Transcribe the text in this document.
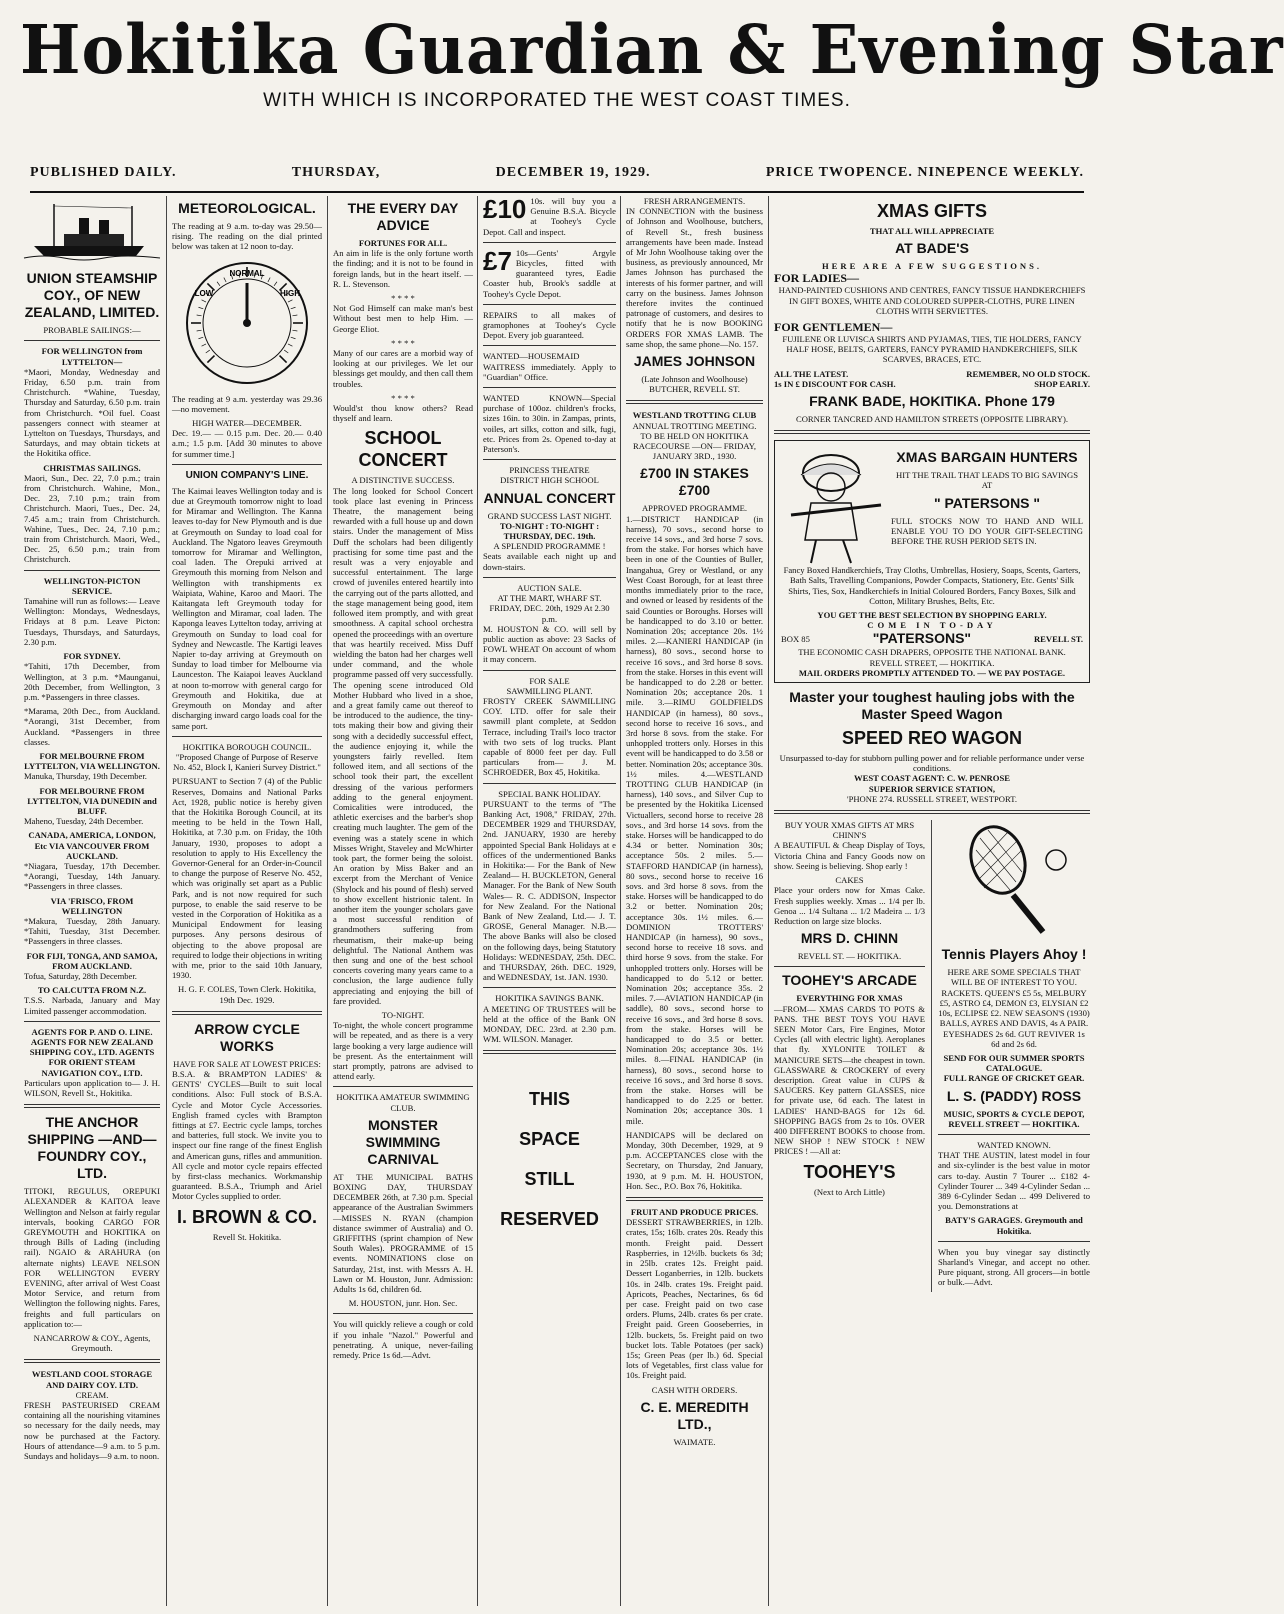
Hokitika Guardian & Evening Star
WITH WHICH IS INCORPORATED THE WEST COAST TIMES.
PUBLISHED DAILY.	THURSDAY,	DECEMBER 19, 1929.	PRICE TWOPENCE. NINEPENCE WEEKLY.
UNION STEAMSHIP COY., OF NEW ZEALAND, LIMITED.
PROBABLE SAILINGS:—
FOR WELLINGTON from LYTTELTON—

*Maori, Monday, Wednesday and Friday, 6.50 p.m. train from Christchurch. *Wahine, Tuesday, Thursday and Saturday, 6.50 p.m. train from Christchurch. *Oil fuel. Coast passengers connect with steamer at Lyttelton on Tuesdays, Thursdays, and Saturdays, and may obtain tickets at the Hokitika office.

CHRISTMAS SAILINGS.

Maori, Sun., Dec. 22, 7.0 p.m.; train from Christchurch. Wahine, Mon., Dec. 23, 7.10 p.m.; train from Christchurch. Maori, Tues., Dec. 24, 7.45 a.m.; train from Christchurch. Wahine, Tues., Dec. 24, 7.10 p.m.; train from Christchurch. Maori, Wed., Dec. 25, 6.50 p.m.; train from Christchurch.

WELLINGTON-PICTON SERVICE.

Tamahine will run as follows:— Leave Wellington: Mondays, Wednesdays, Fridays at 8 p.m. Leave Picton: Tuesdays, Thursdays, and Saturdays, 2.30 p.m.

FOR SYDNEY.

*Tahiti, 17th December, from Wellington, at 3 p.m. *Maunganui, 20th December, from Wellington, 3 p.m. *Passengers in three classes.

*Marama, 20th Dec., from Auckland. *Aorangi, 31st December, from Auckland. *Passengers in three classes.

FOR MELBOURNE FROM LYTTELTON, VIA WELLINGTON.

Manuka, Thursday, 19th December.

FOR MELBOURNE FROM LYTTELTON, VIA DUNEDIN and BLUFF.

Maheno, Tuesday, 24th December.

CANADA, AMERICA, LONDON, Etc VIA VANCOUVER FROM AUCKLAND.

*Niagara, Tuesday, 17th December. *Aorangi, Tuesday, 14th January. *Passengers in three classes.

VIA 'FRISCO, FROM WELLINGTON

*Makura, Tuesday, 28th January. *Tahiti, Tuesday, 31st December. *Passengers in three classes.

FOR FIJI, TONGA, AND SAMOA, FROM AUCKLAND.

Tofua, Saturday, 28th December.

TO CALCUTTA FROM N.Z.

T.S.S. Narbada, January and May Limited passenger accommodation.

AGENTS FOR P. AND O. LINE. AGENTS FOR NEW ZEALAND SHIPPING COY., LTD. AGENTS FOR ORIENT STEAM NAVIGATION COY., LTD.

Particulars upon application to— J. H. WILSON, Revell St., Hokitika.

THE ANCHOR SHIPPING —AND— FOUNDRY COY., LTD.

TITOKI, REGULUS, OREPUKI ALEXANDER & KAITOA leave Wellington and Nelson at fairly regular intervals, booking CARGO FOR GREYMOUTH and HOKITIKA on through Bills of Lading (including rail). NGAIO & ARAHURA (on alternate nights) LEAVE NELSON FOR WELLINGTON EVERY EVENING, after arrival of West Coast Motor Service, and return from Wellington the following nights. Fares, freights and full particulars on application to:—

NANCARROW & COY., Agents, Greymouth.
WESTLAND COOL STORAGE AND DAIRY COY. LTD.
CREAM.

FRESH PASTEURISED CREAM containing all the nourishing vitamines so necessary for the daily needs, may now be purchased at the Factory. Hours of attendance—9 a.m. to 5 p.m. Sundays and holidays—9 a.m. to noon.

METEOROLOGICAL.

The reading at 9 a.m. to-day was 29.50—rising. The reading on the dial printed below was taken at 12 noon to-day.

NORMAL
LOW	HIGH

The reading at 9 a.m. yesterday was 29.36—no movement.

HIGH WATER—DECEMBER.

Dec. 19.— — 0.15 p.m. Dec. 20.— 0.40 a.m.; 1.5 p.m. [Add 30 minutes to above for summer time.]

UNION COMPANY'S LINE.

The Kaimai leaves Wellington today and is due at Greymouth tomorrow night to load for Miramar and Wellington. The Kanna leaves to-day for New Plymouth and is due at Greymouth on Sunday to load coal for Auckland. The Ngatoro leaves Greymouth tomorrow for Miramar and Wellington, coal laden. The Orepuki arrived at Greymouth this morning from Nelson and Wellington with transhipments ex Waipiata, Wahine, Karoo and Maori. The Kaitangata left Greymouth today for Wellington and Miramar, coal laden. The Kaponga leaves Lyttelton today, arriving at Greymouth on Sunday to load coal for Sydney and Newcastle. The Kartigi leaves Napier to-day arriving at Greymouth on Sunday to load timber for Melbourne via Launceston. The Kaiapoi leaves Auckland at noon to-morrow with general cargo for Greymouth and Hokitika, due at Greymouth on Monday and after discharging inward cargo loads coal for the same port.

HOKITIKA BOROUGH COUNCIL.

"Proposed Change of Purpose of Reserve No. 452, Block I, Kanieri Survey District."

PURSUANT to Section 7 (4) of the Public Reserves, Domains and National Parks Act, 1928, public notice is hereby given that the Hokitika Borough Council, at its meeting to be held in the Town Hall, Hokitika, at 7.30 p.m. on Friday, the 10th January, 1930, proposes to adopt a resolution to apply to His Excellency the Governor-General for an Order-in-Council to change the purpose of Reserve No. 452, which was originally set apart as a Public Park, and is not now required for such purpose, to enable the said reserve to be vested in the Corporation of Hokitika as a Municipal Endowment for leasing purposes. Any persons desirous of objecting to the above proposal are required to lodge their objections in writing with me, prior to the said 10th January, 1930.

H. G. F. COLES, Town Clerk. Hokitika, 19th Dec. 1929.

ARROW CYCLE WORKS
HAVE FOR SALE AT LOWEST PRICES:

B.S.A. & BRAMPTON LADIES' & GENTS' CYCLES—Built to suit local conditions. Also: Full stock of B.S.A. Cycle and Motor Cycle Accessories. English framed cycles with Brampton fittings at £7. Eectric cycle lamps, torches and batteries, full stock. We invite you to inspect our fine range of the finest English and American guns, rifles and ammunition. All cycle and motor cycle repairs effected by first-class mechanics. Workmanship guaranteed. B.S.A., Triumph and Ariel Motor Cycles supplied to order.

I. BROWN & CO.
Revell St. Hokitika.
THE EVERY DAY ADVICE
FORTUNES FOR ALL.

An aim in life is the only fortune worth the finding; and it is not to be found in foreign lands, but in the heart itself. —R. L. Stevenson.

* * * *

Not God Himself can make man's best Without best men to help Him. —George Eliot.

* * * *

Many of our cares are a morbid way of looking at our privileges. We let our blessings get mouldy, and then call them troubles.

* * * *

Would'st thou know others? Read thyself and learn.

SCHOOL CONCERT
A DISTINCTIVE SUCCESS.

The long looked for School Concert took place last evening in Princess Theatre, the management being rewarded with a full house up and down stairs. Under the management of Miss Duff the scholars had been diligently practising for some time past and the result was a very enjoyable and successful entertainment. The large crowd of juveniles entered heartily into the carrying out of the parts allotted, and the stage management being good, item followed item promptly, and with great smoothness. A capital school orchestra opened the proceedings with an overture that was heartily received. Miss Duff wielding the baton had her charges well under command, and the whole programme passed off very successfully. The opening scene introduced Old Mother Hubbard who lived in a shoe, and a great family came out thereof to be introduced to the audience, the tiny-tots making their bow and giving their song with a decidedly successful effect, the audience enjoying it, while the youngsters fairly revelled. Item followed item, and all sections of the school took their part, the excellent dressing of the various performers adding to the general enjoyment. Comicalities were introduced, the athletic exercises and the barber's shop creating much laughter. The gem of the evening was a stately scene in which Misses Wright, Staveley and McWhirter took part, the former being the soloist. An oration by Miss Baker and an excerpt from the Merchant of Venice (Shylock and his pound of flesh) served to show excellent histrionic talent. In another item the younger scholars gave a most successful rendition of grandmothers suffering from rheumatism, their make-up being delightful. The National Anthem was then sung and one of the best school concerts covering many years came to a conclusion, the large audience fully appreciating and enjoying the bill of fare provided.

TO-NIGHT.

To-night, the whole concert programme will be repeated, and as there is a very large booking a very large audience will be present. As the entertainment will start promptly, patrons are advised to attend early.

HOKITIKA AMATEUR SWIMMING CLUB.
MONSTER SWIMMING CARNIVAL

AT THE MUNICIPAL BATHS BOXING DAY, THURSDAY DECEMBER 26th, at 7.30 p.m. Special appearance of the Australian Swimmers—MISSES N. RYAN (champion distance swimmer of Australia) and O. GRIFFITHS (sprint champion of New South Wales). PROGRAMME of 15 events. NOMINATIONS close on Saturday, 21st, inst. with Messrs A. H. Lawn or M. Houston, Junr. Admission: Adults 1s 6d, children 6d.

M. HOUSTON, junr. Hon. Sec.

You will quickly relieve a cough or cold if you inhale "Nazol." Powerful and penetrating. A unique, never-failing remedy. Price 1s 6d.—Advt.

£10 10s. will buy you a Genuine B.S.A. Bicycle at Toohey's Cycle Depot. Call and inspect.

£7 10s—Gents' Argyle Bicycles, fitted with guaranteed tyres, Eadie Coaster hub, Brook's saddle at Toohey's Cycle Depot.

REPAIRS to all makes of gramophones at Toohey's Cycle Depot. Every job guaranteed.

WANTED—HOUSEMAID WAITRESS immediately. Apply to "Guardian" Office.

WANTED KNOWN—Special purchase of 100oz. children's frocks, sizes 16in. to 30in. in Zampas, prints, voiles, art silks, cotton and silk, fugi, etc. Prices from 2s. Opened to-day at Paterson's.

PRINCESS THEATRE
DISTRICT HIGH SCHOOL
ANNUAL CONCERT
GRAND SUCCESS LAST NIGHT.
TO-NIGHT : TO-NIGHT : THURSDAY, DEC. 19th.
A SPLENDID PROGRAMME !

Seats available each night up and down-stairs.

AUCTION SALE.
AT THE MART, WHARF ST. FRIDAY, DEC. 20th, 1929 At 2.30 p.m.

M. HOUSTON & CO. will sell by public auction as above: 23 Sacks of FOWL WHEAT On account of whom it may concern.

FOR SALE
SAWMILLING PLANT.

FROSTY CREEK SAWMILLING COY. LTD. offer for sale their sawmill plant complete, at Seddon Terrace, including Trail's loco tractor with two sets of log trucks. Plant capable of 8000 feet per day. Full particulars from— J. M. SCHROEDER, Box 45, Hokitika.

SPECIAL BANK HOLIDAY.

PURSUANT to the terms of "The Banking Act, 1908," FRIDAY, 27th. DECEMBER 1929 and THURSDAY, 2nd. JANUARY, 1930 are hereby appointed Special Bank Holidays at e offices of the undermentioned Banks in Hokitika:— For the Bank of New Zealand— H. BUCKLETON, General Manager. For the Bank of New South Wales— R. C. ADDISON, Inspector for New Zealand. For the National Bank of New Zealand, Ltd.— J. T. GROSE, General Manager. N.B.—The above Banks will also be closed on the following days, being Statutory Holidays: WEDNESDAY, 25th. DEC. and THURSDAY, 26th. DEC. 1929, and WEDNESDAY, 1st. JAN. 1930.

HOKITIKA SAVINGS BANK.

A MEETING OF TRUSTEES will be held at the office of the Bank ON MONDAY, DEC. 23rd. at 2.30 p.m. WM. WILSON. Manager.

THIS
SPACE
STILL
RESERVED
FRESH ARRANGEMENTS.

IN CONNECTION with the business of Johnson and Woolhouse, butchers, of Revell St., fresh business arrangements have been made. Instead of Mr John Woolhouse taking over the business, as previously announced, Mr James Johnson has purchased the interests of his former partner, and will carry on the business. James Johnson therefore invites the continued patronage of customers, and desires to notify that he is now BOOKING ORDERS FOR XMAS LAMB. The same shop, the same phone—No. 157.

JAMES JOHNSON
(Late Johnson and Woolhouse) BUTCHER, REVELL ST.
WESTLAND TROTTING CLUB
ANNUAL TROTTING MEETING. TO BE HELD ON HOKITIKA RACECOURSE —ON— FRIDAY, JANUARY 3RD., 1930.
£700 IN STAKES £700
APPROVED PROGRAMME.

1.—DISTRICT HANDICAP (in harness), 70 sovs., second horse to receive 14 sovs., and 3rd horse 7 sovs. from the stake. For horses which have been in one of the Counties of Buller, Inangahua, Grey or Westland, or any West Coast Borough, for at least three months immediately prior to the race, and owned or leased by residents of the said Counties or Boroughs. Horses will be handicapped to do 3.10 or better. Nomination 20s; acceptance 20s. 1½ miles. 2.—KANIERI HANDICAP (in harness), 80 sovs., second horse to receive 16 sovs., and 3rd horse 8 sovs. from the stake. Horses in this event will be handicapped to do 2.28 or better. Nomination 20s; acceptance 20s. 1 mile. 3.—RIMU GOLDFIELDS HANDICAP (in harness), 80 sovs., second horse to receive 16 sovs., and 3rd horse 8 sovs. from the stake. For unhoppled trotters only. Horses in this event will be handicapped to do 3.58 or better. Nomination 20s; acceptance 30s. 1½ miles. 4.—WESTLAND TROTTING CLUB HANDICAP (in harness), 140 sovs., and Silver Cup to be presented by the Hokitika Licensed Victuallers, second horse to receive 28 sovs., and 3rd horse 14 sovs. from the stake. Horses will be handicapped to do 4.34 or better. Nomination 30s; acceptance 50s. 2 miles. 5.—STAFFORD HANDICAP (in harness), 80 sovs., second horse to receive 16 sovs. and 3rd horse 8 sovs. from the stake. Horses will be handicapped to do 3.2 or better. Nomination 20s; acceptance 30s. 1½ miles. 6.—DOMINION TROTTERS' HANDICAP (in harness), 90 sovs., second horse to receive 18 sovs. and third horse 9 sovs. from the stake. For unhoppled trotters only. Horses will be handicapped to do 5.12 or better. Nomination 20s; acceptance 35s. 2 miles. 7.—AVIATION HANDICAP (in saddle), 80 sovs., second horse to receive 16 sovs., and 3rd horse 8 sovs. from the stake. Horses will be handicapped to do 3.5 or better. Nomination 20s; acceptance 30s. 1½ miles. 8.—FINAL HANDICAP (in harness), 80 sovs., second horse to receive 16 sovs., and 3rd horse 8 sovs. from the stake. Horses will be handicapped to do 2.25 or better. Nomination 20s; acceptance 30s. 1 mile.

HANDICAPS will be declared on Monday, 30th December, 1929, at 9 p.m. ACCEPTANCES close with the Secretary, on Thursday, 2nd January, 1930, at 9 p.m. M. H. HOUSTON, Hon. Sec., P.O. Box 76, Hokitika.

FRUIT AND PRODUCE PRICES.

DESSERT STRAWBERRIES, in 12lb. crates, 15s; 16lb. crates 20s. Ready this month. Freight paid. Dessert Raspberries, in 12½lb. buckets 6s 3d; in 25lb. crates 12s. Freight paid. Dessert Loganberries, in 12lb. buckets 10s. in 24lb. crates 19s. Freight paid. Apricots, Peaches, Nectarines, 6s 6d per case. Freight paid on two case orders. Plums, 24lb. crates 6s per crate. Freight paid. Green Gooseberries, in 12lb. buckets, 5s. Freight paid on two bucket lots. Table Potatoes (per sack) 15s; Green Peas (per lb.) 6d. Special lots of Vegetables, first class value for 10s. Freight paid.

CASH WITH ORDERS.
C. E. MEREDITH LTD.,
WAIMATE.
XMAS GIFTS
THAT ALL WILL APPRECIATE
AT BADE'S
HERE ARE A FEW SUGGESTIONS.
FOR LADIES—

HAND-PAINTED CUSHIONS AND CENTRES, FANCY TISSUE HANDKERCHIEFS IN GIFT BOXES, WHITE AND COLOURED SUPPER-CLOTHS, PURE LINEN CLOTHS WITH SERVIETTES.

FOR GENTLEMEN—

FUJILENE OR LUVISCA SHIRTS AND PYJAMAS, TIES, TIE HOLDERS, FANCY HALF HOSE, BELTS, GARTERS, FANCY PYRAMID HANDKERCHIEFS, SILK SCARVES, BRACES, ETC.

ALL THE LATEST.	REMEMBER, NO OLD STOCK.
1s IN £ DISCOUNT FOR CASH.	SHOP EARLY.
FRANK BADE, HOKITIKA. Phone 179
CORNER TANCRED AND HAMILTON STREETS (OPPOSITE LIBRARY).
XMAS BARGAIN HUNTERS
HIT THE TRAIL THAT LEADS TO BIG SAVINGS AT
" PATERSONS "

FULL STOCKS NOW TO HAND AND WILL ENABLE YOU TO DO YOUR GIFT-SELECTING BEFORE THE RUSH PERIOD SETS IN.

Fancy Boxed Handkerchiefs, Tray Cloths, Umbrellas, Hosiery, Soaps, Scents, Garters, Bath Salts, Travelling Companions, Powder Compacts, Stationery, Etc. Gents' Silk Shirts, Ties, Sox, Handkerchiefs in Initial Coloured Borders, Fancy Boxes, Silk and Cotton, Military Brushes, Belts, Etc.

YOU GET THE BEST SELECTION BY SHOPPING EARLY.
COME IN TO-DAY
BOX 85	"PATERSONS"	REVELL ST.
THE ECONOMIC CASH DRAPERS, OPPOSITE THE NATIONAL BANK. REVELL STREET, — HOKITIKA.
MAIL ORDERS PROMPTLY ATTENDED TO. — WE PAY POSTAGE.
Master your toughest hauling jobs with the Master Speed Wagon
SPEED REO WAGON
Unsurpassed to-day for stubborn pulling power and for reliable performance under verse conditions.
WEST COAST AGENT: C. W. PENROSE
SUPERIOR SERVICE STATION,
'PHONE 274. RUSSELL STREET, WESTPORT.
BUY YOUR XMAS GIFTS AT MRS CHINN'S

A BEAUTIFUL & Cheap Display of Toys, Victoria China and Fancy Goods now on show. Seeing is believing. Shop early !

CAKES

Place your orders now for Xmas Cake. Fresh supplies weekly. Xmas ... 1/4 per lb. Genoa ... 1/4 Sultana ... 1/2 Madeira ... 1/3 Reduction on large size blocks.

MRS D. CHINN
REVELL ST. — HOKITIKA.
TOOHEY'S ARCADE
EVERYTHING FOR XMAS

—FROM— XMAS CARDS TO POTS & PANS. THE BEST TOYS YOU HAVE SEEN Motor Cars, Fire Engines, Motor Cycles (all with electric light). Aeroplanes that fly. XYLONITE TOILET & MANICURE SETS—the cheapest in town. GLASSWARE & CROCKERY of every description. Great value in CUPS & SAUCERS. Key pattern GLASSES, nice for private use, 6d each. The latest in LADIES' HAND-BAGS for 12s 6d. SHOPPING BAGS from 2s to 10s. OVER 400 DIFFERENT BOOKS to choose from. NEW SHOP ! NEW STOCK ! NEW PRICES ! —All at:

TOOHEY'S
(Next to Arch Little)
Tennis Players Ahoy !

HERE ARE SOME SPECIALS THAT WILL BE OF INTEREST TO YOU. RACKETS. QUEEN'S £5 5s, MELBURY £5, ASTRO £4, DEMON £3, ELYSIAN £2 10s, ECLIPSE £2. NEW SEASON'S (1930) BALLS, AYRES AND DAVIS, 4s A PAIR. EYESHADES 2s 6d. GUT REVIVER 1s 6d and 2s 6d.

SEND FOR OUR SUMMER SPORTS CATALOGUE.
FULL RANGE OF CRICKET GEAR.
L. S. (PADDY) ROSS
MUSIC, SPORTS & CYCLE DEPOT, REVELL STREET — HOKITIKA.
WANTED KNOWN.

THAT THE AUSTIN, latest model in four and six-cylinder is the best value in motor cars to-day. Austin 7 Tourer ... £182 4-Cylinder Tourer ... 349 4-Cylinder Sedan ... 389 6-Cylinder Sedan ... 499 Delivered to you. Demonstrations at

BATY'S GARAGES. Greymouth and Hokitika.

When you buy vinegar say distinctly Sharland's Vinegar, and accept no other. Pure piquant, strong. All grocers—in bottle or bulk.—Advt.
